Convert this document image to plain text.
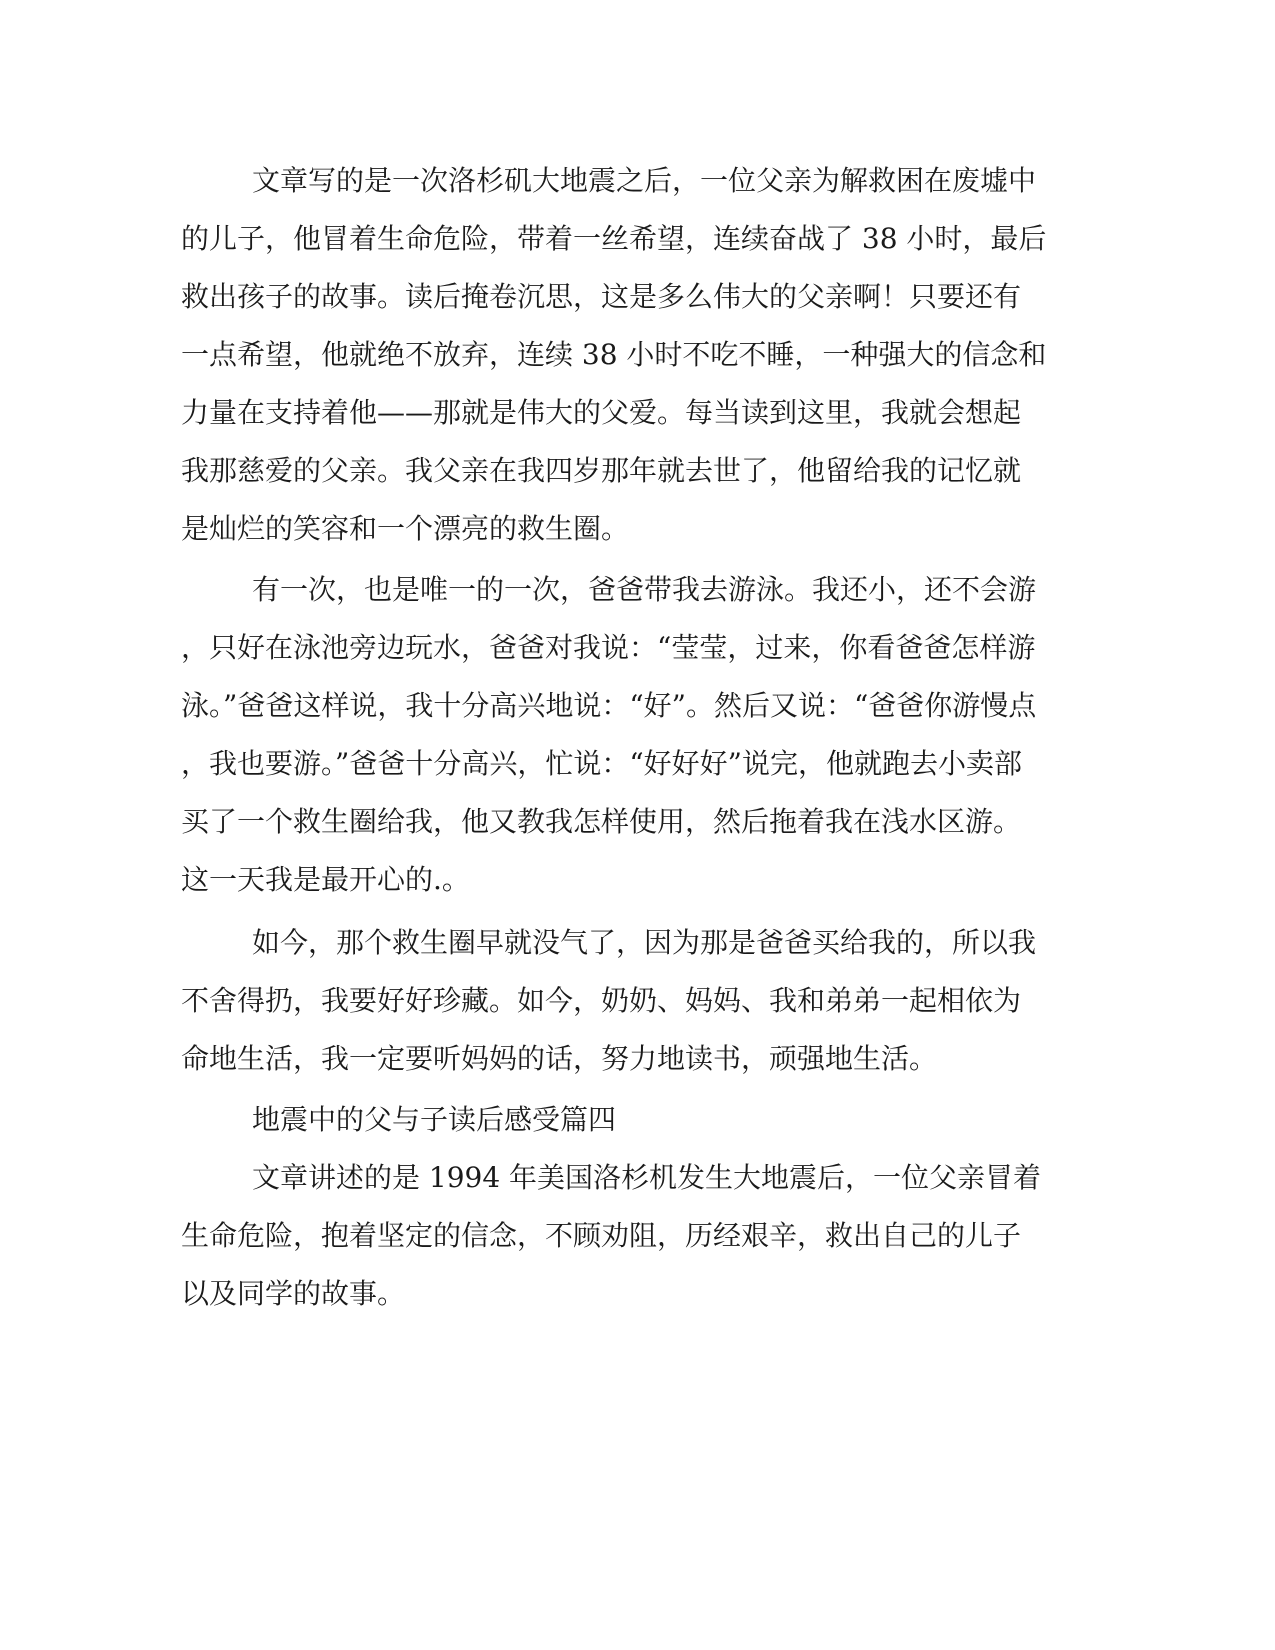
文章写的是一次洛杉矶大地震之后，一位父亲为解救困在废墟中
的儿子，他冒着生命危险，带着一丝希望，连续奋战了 38 小时，最后
救出孩子的故事。读后掩卷沉思，这是多么伟大的父亲啊！只要还有
一点希望，他就绝不放弃，连续 38 小时不吃不睡，一种强大的信念和
力量在支持着他——那就是伟大的父爱。每当读到这里，我就会想起
我那慈爱的父亲。我父亲在我四岁那年就去世了，他留给我的记忆就
是灿烂的笑容和一个漂亮的救生圈。
有一次，也是唯一的一次，爸爸带我去游泳。我还小，还不会游
，只好在泳池旁边玩水，爸爸对我说：“莹莹，过来，你看爸爸怎样游
泳。”爸爸这样说，我十分高兴地说：“好”。然后又说：“爸爸你游慢点
，我也要游。”爸爸十分高兴，忙说：“好好好”说完，他就跑去小卖部
买了一个救生圈给我，他又教我怎样使用，然后拖着我在浅水区游。
这一天我是最开心的.。
如今，那个救生圈早就没气了，因为那是爸爸买给我的，所以我
不舍得扔，我要好好珍藏。如今，奶奶、妈妈、我和弟弟一起相依为
命地生活，我一定要听妈妈的话，努力地读书，顽强地生活。
地震中的父与子读后感受篇四
文章讲述的是 1994 年美国洛杉机发生大地震后，一位父亲冒着
生命危险，抱着坚定的信念，不顾劝阻，历经艰辛，救出自己的儿子
以及同学的故事。
